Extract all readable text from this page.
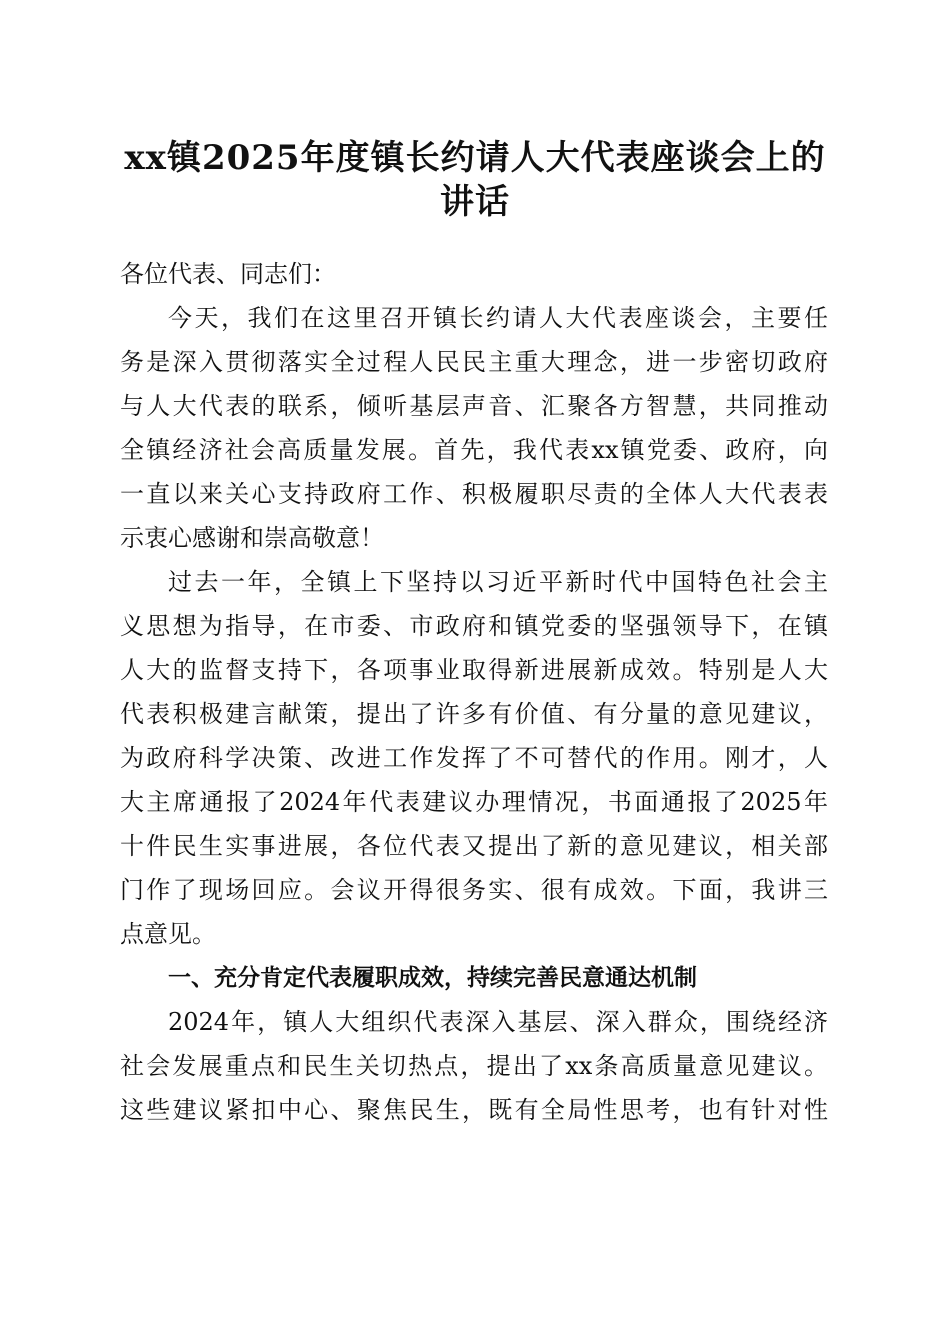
xx镇2025年度镇长约请人大代表座谈会上的
讲话
各位代表、同志们：
今天，我们在这里召开镇长约请人大代表座谈会，主要任
务是深入贯彻落实全过程人民民主重大理念，进一步密切政府
与人大代表的联系，倾听基层声音、汇聚各方智慧，共同推动
全镇经济社会高质量发展。首先，我代表xx镇党委、政府，向
一直以来关心支持政府工作、积极履职尽责的全体人大代表表
示衷心感谢和崇高敬意！
过去一年，全镇上下坚持以习近平新时代中国特色社会主
义思想为指导，在市委、市政府和镇党委的坚强领导下，在镇
人大的监督支持下，各项事业取得新进展新成效。特别是人大
代表积极建言献策，提出了许多有价值、有分量的意见建议，
为政府科学决策、改进工作发挥了不可替代的作用。刚才，人
大主席通报了2024年代表建议办理情况，书面通报了2025年
十件民生实事进展，各位代表又提出了新的意见建议，相关部
门作了现场回应。会议开得很务实、很有成效。下面，我讲三
点意见。
一、充分肯定代表履职成效，持续完善民意通达机制
2024年，镇人大组织代表深入基层、深入群众，围绕经济
社会发展重点和民生关切热点，提出了xx条高质量意见建议。
这些建议紧扣中心、聚焦民生，既有全局性思考，也有针对性
